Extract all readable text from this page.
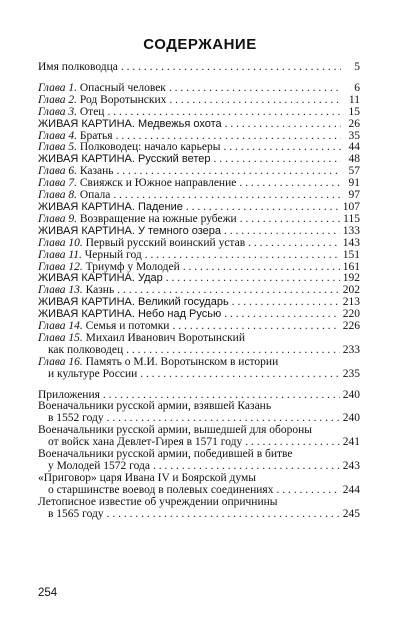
СОДЕРЖАНИЕ
Имя полководца . . .	5
Глава 1. Опасный человек . . .	6
Глава 2. Род Воротынских . . .	11
Глава 3. Отец . . .	15
ЖИВАЯ КАРТИНА. Медвежья охота . . .	26
Глава 4. Братья . . .	35
Глава 5. Полководец: начало карьеры . . .	44
ЖИВАЯ КАРТИНА. Русский ветер . . .	48
Глава 6. Казань . . .	57
Глава 7. Свияжск и Южное направление . . .	91
Глава 8. Опала . . .	97
ЖИВАЯ КАРТИНА. Падение . . .	107
Глава 9. Возвращение на южные рубежи . . .	115
ЖИВАЯ КАРТИНА. У темного озера . . .	133
Глава 10. Первый русский воинский устав . . .	143
Глава 11. Черный год . . .	151
Глава 12. Триумф у Молодей . . .	161
ЖИВАЯ КАРТИНА. Удар . . .	192
Глава 13. Казнь . . .	202
ЖИВАЯ КАРТИНА. Великий государь . . .	213
ЖИВАЯ КАРТИНА. Небо над Русью . . .	220
Глава 14. Семья и потомки . . .	226
Глава 15. Михаил Иванович Воротынский
как полководец . . .	233
Глава 16. Память о М.И. Воротынском в истории
и культуре России . . .	235
Приложения . . .	240
Военачальники русской армии, взявшей Казань
в 1552 году . . .	240
Военачальники русской армии, вышедшей для обороны
от войск хана Девлет-Гирея в 1571 году . . .	241
Военачальники русской армии, победившей в битве
у Молодей 1572 года . . .	243
«Приговор» царя Ивана IV и Боярской думы
о старшинстве воевод в полевых соединениях . . .	244
Летописное известие об учреждении опричнины
в 1565 году . . .	245
254
